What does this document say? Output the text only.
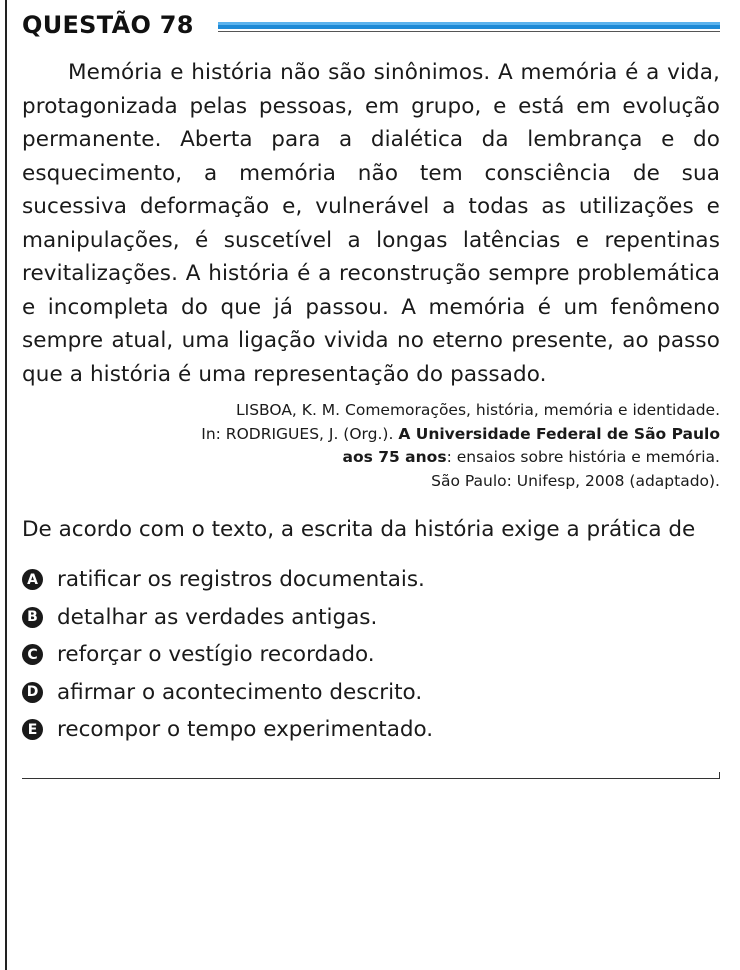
QUESTÃO 78
Memória e história não são sinônimos. A memória é a vida, protagonizada pelas pessoas, em grupo, e está em evolução permanente. Aberta para a dialética da lembrança e do esquecimento, a memória não tem consciência de sua sucessiva deformação e, vulnerável a todas as utilizações e manipulações, é suscetível a longas latências e repentinas revitalizações. A história é a reconstrução sempre problemática e incompleta do que já passou. A memória é um fenômeno sempre atual, uma ligação vivida no eterno presente, ao passo que a história é uma representação do passado.
LISBOA, K. M. Comemorações, história, memória e identidade.
In: RODRIGUES, J. (Org.). A Universidade Federal de São Paulo
aos 75 anos: ensaios sobre história e memória.
São Paulo: Unifesp, 2008 (adaptado).
De acordo com o texto, a escrita da história exige a prática de
A ratificar os registros documentais.
B detalhar as verdades antigas.
C reforçar o vestígio recordado.
D afirmar o acontecimento descrito.
E recompor o tempo experimentado.
